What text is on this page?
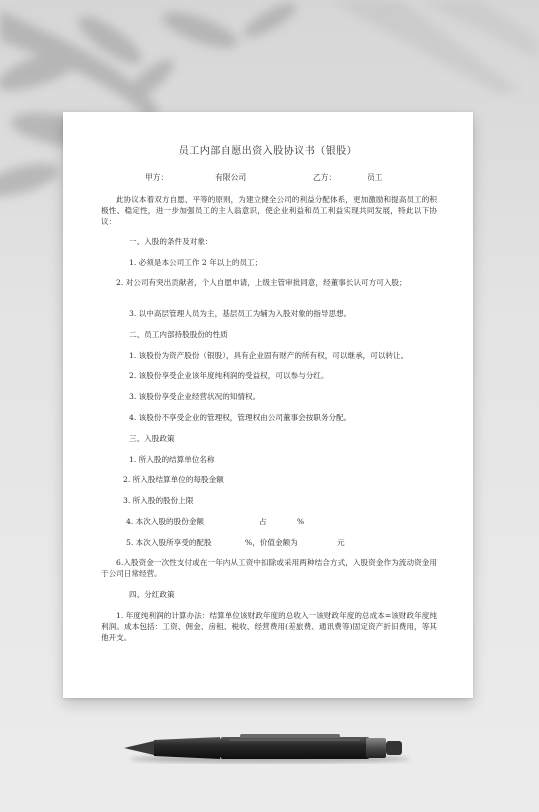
员工内部自愿出资入股协议书（银股）
甲方：	有限公司	乙方：	员工
此协议本着双方自愿、平等的原则，为建立健全公司的利益分配体系，更加激励和提高员工的积极性、稳定性，进一步加强员工的主人翁意识，使企业利益和员工利益实现共同发展，特此以下协议：
一、入股的条件及对象：
1. 必须是本公司工作 2 年以上的员工；
2. 对公司有突出贡献者，个人自愿申请，上级主管审批同意，经董事长认可方可入股；
3. 以中高层管理人员为主，基层员工为辅为入股对象的指导思想。
二、员工内部持股股份的性质
1. 该股份为资产股份（银股），具有企业固有财产的所有权，可以继承，可以转让。
2. 该股份享受企业该年度纯利润的受益权，可以参与分红。
3. 该股份享受企业经营状况的知情权。
4. 该股份不享受企业的管理权，管理权由公司董事会按职务分配。
三、入股政策
1. 所入股的结算单位名称
2. 所入股结算单位的每股金额
3. 所入股的股份上限
4. 本次入股的股份金额	占	%
5. 本次入股所享受的配股	%，价值金额为	元
6.入股资金一次性支付或在一年内从工资中扣除或采用两种结合方式，入股资金作为流动资金用于公司日常经营。
四、分红政策
1. 年度纯利润的计算办法：结算单位该财政年度的总收入一该财政年度的总成本=该财政年度纯利润。成本包括：工资、佣金、房租、税收、经营费用(差旅费、通讯费等)固定资产折旧费用，等其他开支。
